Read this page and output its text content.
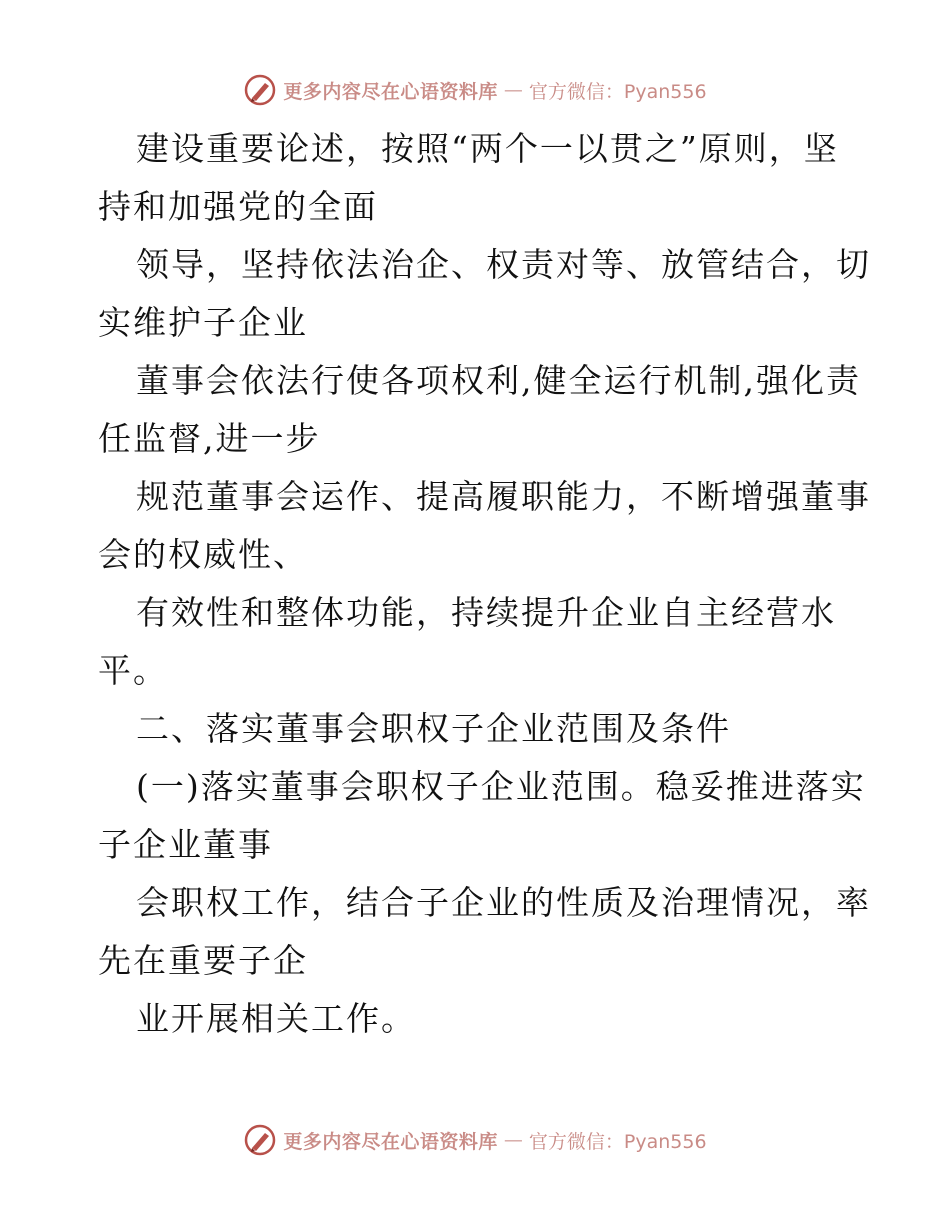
更多内容尽在心语资料库 — 官方微信：Pyan556
建设重要论述，按照“两个一以贯之”原则，坚
持和加强党的全面
领导，坚持依法治企、权责对等、放管结合，切
实维护子企业
董事会依法行使各项权利,健全运行机制,强化责
任监督,进一步
规范董事会运作、提高履职能力，不断增强董事
会的权威性、
有效性和整体功能，持续提升企业自主经营水
平。
二、落实董事会职权子企业范围及条件
(一)落实董事会职权子企业范围。稳妥推进落实
子企业董事
会职权工作，结合子企业的性质及治理情况，率
先在重要子企
业开展相关工作。
更多内容尽在心语资料库 — 官方微信：Pyan556
